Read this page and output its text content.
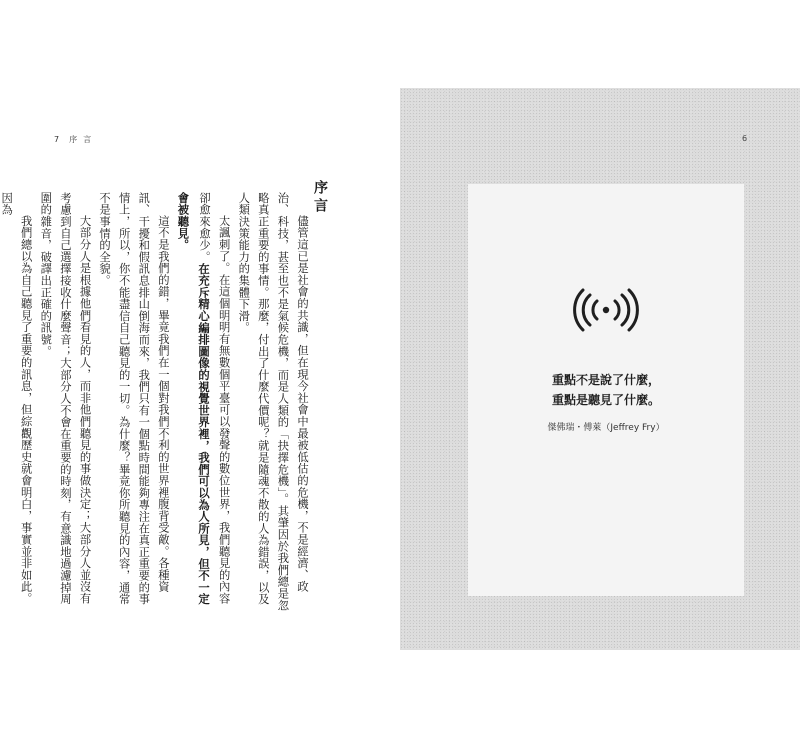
7 序言
序言

儘管這已是社會的共識，但在現今社會中最被低估的危機，不是經濟、政治、科技，甚至也不是氣候危機，而是人類的「抉擇危機」。其肇因於我們總是忽略真正重要的事情。那麼，付出了什麼代價呢？就是隨魂不散的人為錯誤，以及人類決策能力的集體下滑。

太諷刺了。在這個明明有無數個平臺可以發聲的數位世界，我們聽見的內容卻愈來愈少。在充斥精心編排圖像的視覺世界裡，我們可以為人所見，但不一定會被聽見。

這不是我們的錯，畢竟我們在一個對我們不利的世界裡腹背受敵。各種資訊、干擾和假訊息排山倒海而來，我們只有一個點時間能夠專注在真正重要的事情上，所以，你不能盡信自己聽見的一切。為什麼？畢竟你所聽見的內容，通常不是事情的全貌。

大部分人是根據他們看見的人，而非他們聽見的事做決定；大部分人並沒有考慮到自己選擇接收什麼聲音；大部分人不會在重要的時刻，有意識地過濾掉周圍的雜音，破譯出正確的訊號。

我們總以為自己聽見了重要的訊息，但綜觀歷史就會明白，事實並非如此。因為

6
重點不是說了什麼，
重點是聽見了什麼。
傑佛瑞・傅萊（Jeffrey Fry）
